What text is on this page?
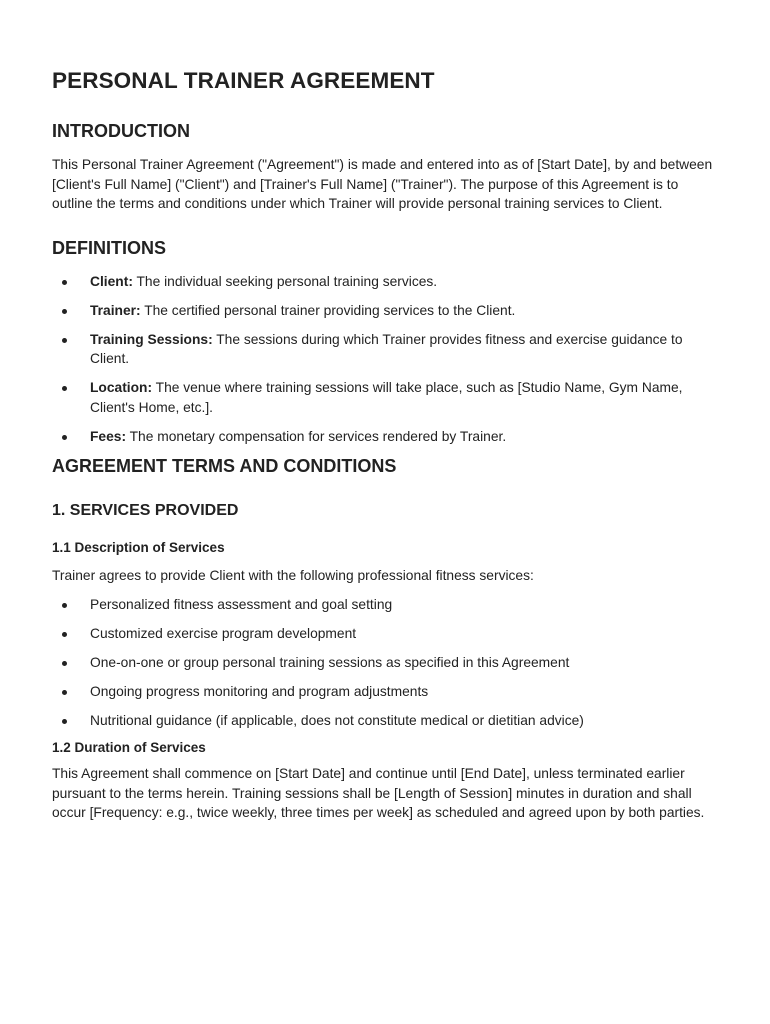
PERSONAL TRAINER AGREEMENT
INTRODUCTION

This Personal Trainer Agreement ("Agreement") is made and entered into as of [Start Date], by and between [Client's Full Name] ("Client") and [Trainer's Full Name] ("Trainer"). The purpose of this Agreement is to outline the terms and conditions under which Trainer will provide personal training services to Client.

DEFINITIONS
Client: The individual seeking personal training services.
Trainer: The certified personal trainer providing services to the Client.
Training Sessions: The sessions during which Trainer provides fitness and exercise guidance to Client.
Location: The venue where training sessions will take place, such as [Studio Name, Gym Name, Client's Home, etc.].
Fees: The monetary compensation for services rendered by Trainer.
AGREEMENT TERMS AND CONDITIONS
1. SERVICES PROVIDED
1.1 Description of Services

Trainer agrees to provide Client with the following professional fitness services:

Personalized fitness assessment and goal setting
Customized exercise program development
One-on-one or group personal training sessions as specified in this Agreement
Ongoing progress monitoring and program adjustments
Nutritional guidance (if applicable, does not constitute medical or dietitian advice)
1.2 Duration of Services

This Agreement shall commence on [Start Date] and continue until [End Date], unless terminated earlier pursuant to the terms herein. Training sessions shall be [Length of Session] minutes in duration and shall occur [Frequency: e.g., twice weekly, three times per week] as scheduled and agreed upon by both parties.
